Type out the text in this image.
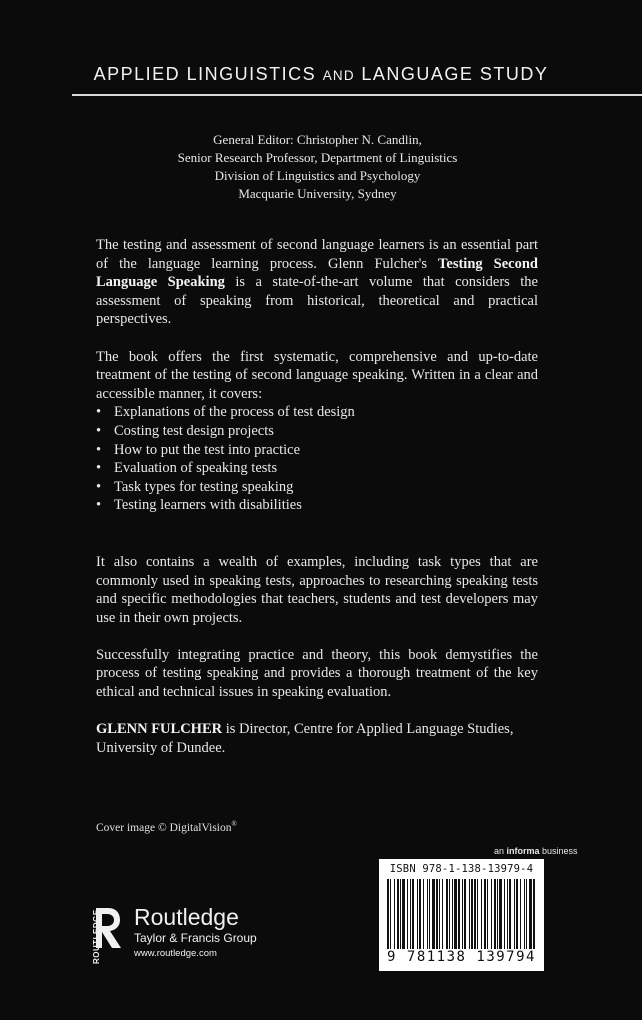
APPLIED LINGUISTICS AND LANGUAGE STUDY
General Editor: Christopher N. Candlin,
Senior Research Professor, Department of Linguistics
Division of Linguistics and Psychology
Macquarie University, Sydney

The testing and assessment of second language learners is an essential part of the language learning process. Glenn Fulcher's Testing Second Language Speaking is a state-of-the-art volume that considers the assessment of speaking from historical, theoretical and practical perspectives.

The book offers the first systematic, comprehensive and up-to-date treatment of the testing of second language speaking. Written in a clear and accessible manner, it covers:

• Explanations of the process of test design
• Costing test design projects
• How to put the test into practice
• Evaluation of speaking tests
• Task types for testing speaking
• Testing learners with disabilities

It also contains a wealth of examples, including task types that are commonly used in speaking tests, approaches to researching speaking tests and specific methodologies that teachers, students and test developers may use in their own projects.

Successfully integrating practice and theory, this book demystifies the process of testing speaking and provides a thorough treatment of the key ethical and technical issues in speaking evaluation.

GLENN FULCHER is Director, Centre for Applied Language Studies, University of Dundee.

Cover image © DigitalVision®
an informa business
ISBN 978-1-138-13979-4
9 781138 139794
ROUTLEDGE Routledge
Taylor & Francis Group
www.routledge.com
